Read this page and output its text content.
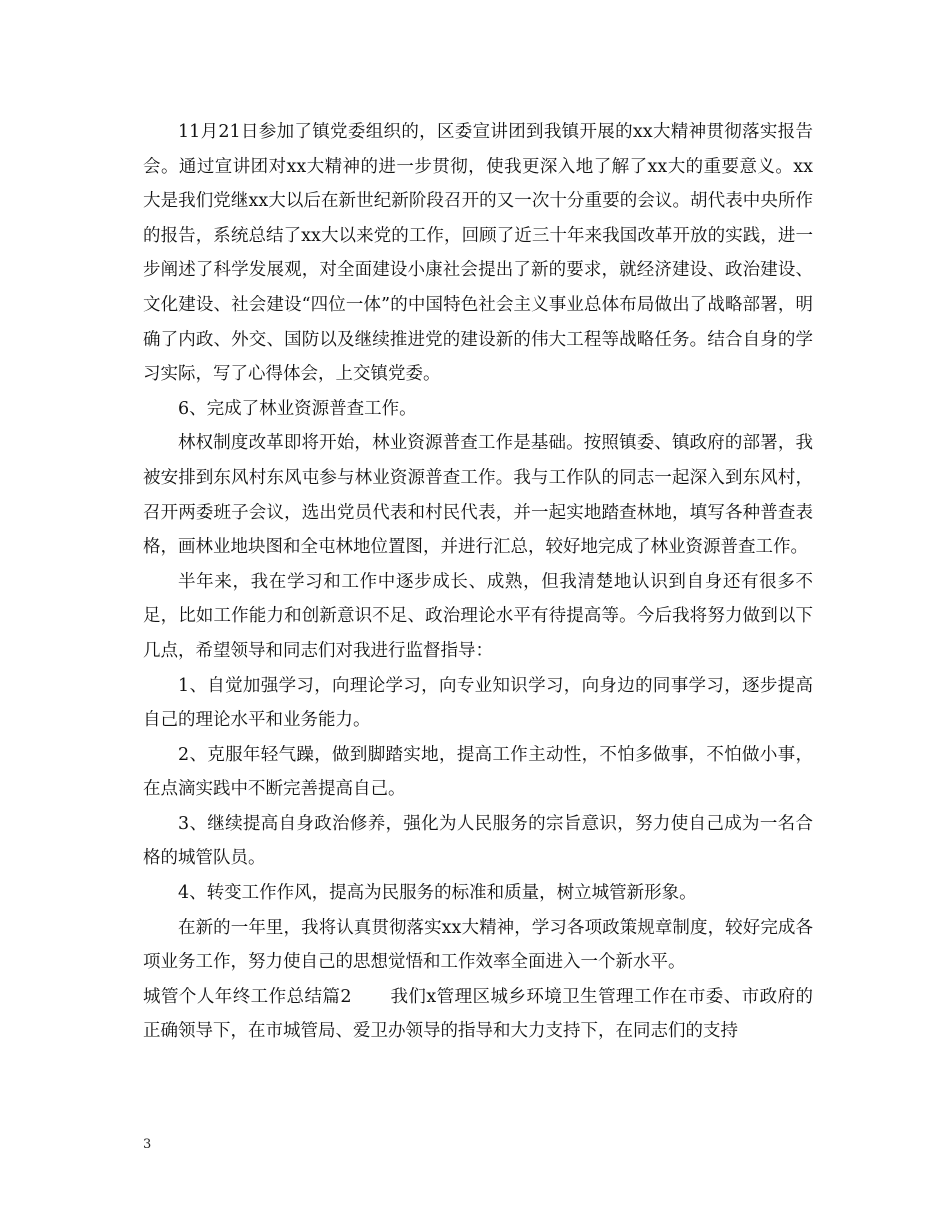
11月21日参加了镇党委组织的，区委宣讲团到我镇开展的xx大精神贯彻落实报告会。通过宣讲团对xx大精神的进一步贯彻，使我更深入地了解了xx大的重要意义。xx大是我们党继xx大以后在新世纪新阶段召开的又一次十分重要的会议。胡代表中央所作的报告，系统总结了xx大以来党的工作，回顾了近三十年来我国改革开放的实践，进一步阐述了科学发展观，对全面建设小康社会提出了新的要求，就经济建设、政治建设、文化建设、社会建设“四位一体”的中国特色社会主义事业总体布局做出了战略部署，明确了内政、外交、国防以及继续推进党的建设新的伟大工程等战略任务。结合自身的学习实际，写了心得体会，上交镇党委。

6、完成了林业资源普查工作。

林权制度改革即将开始，林业资源普查工作是基础。按照镇委、镇政府的部署，我被安排到东风村东风屯参与林业资源普查工作。我与工作队的同志一起深入到东风村，召开两委班子会议，选出党员代表和村民代表，并一起实地踏查林地，填写各种普查表格，画林业地块图和全屯林地位置图，并进行汇总，较好地完成了林业资源普查工作。

半年来，我在学习和工作中逐步成长、成熟，但我清楚地认识到自身还有很多不足，比如工作能力和创新意识不足、政治理论水平有待提高等。今后我将努力做到以下几点，希望领导和同志们对我进行监督指导：

1、自觉加强学习，向理论学习，向专业知识学习，向身边的同事学习，逐步提高自己的理论水平和业务能力。

2、克服年轻气躁，做到脚踏实地，提高工作主动性，不怕多做事，不怕做小事，在点滴实践中不断完善提高自己。

3、继续提高自身政治修养，强化为人民服务的宗旨意识，努力使自己成为一名合格的城管队员。

4、转变工作作风，提高为民服务的标准和质量，树立城管新形象。

在新的一年里，我将认真贯彻落实xx大精神，学习各项政策规章制度，较好完成各项业务工作，努力使自己的思想觉悟和工作效率全面进入一个新水平。

城管个人年终工作总结篇2 我们x管理区城乡环境卫生管理工作在市委、市政府的正确领导下，在市城管局、爱卫办领导的指导和大力支持下，在同志们的支持

3
